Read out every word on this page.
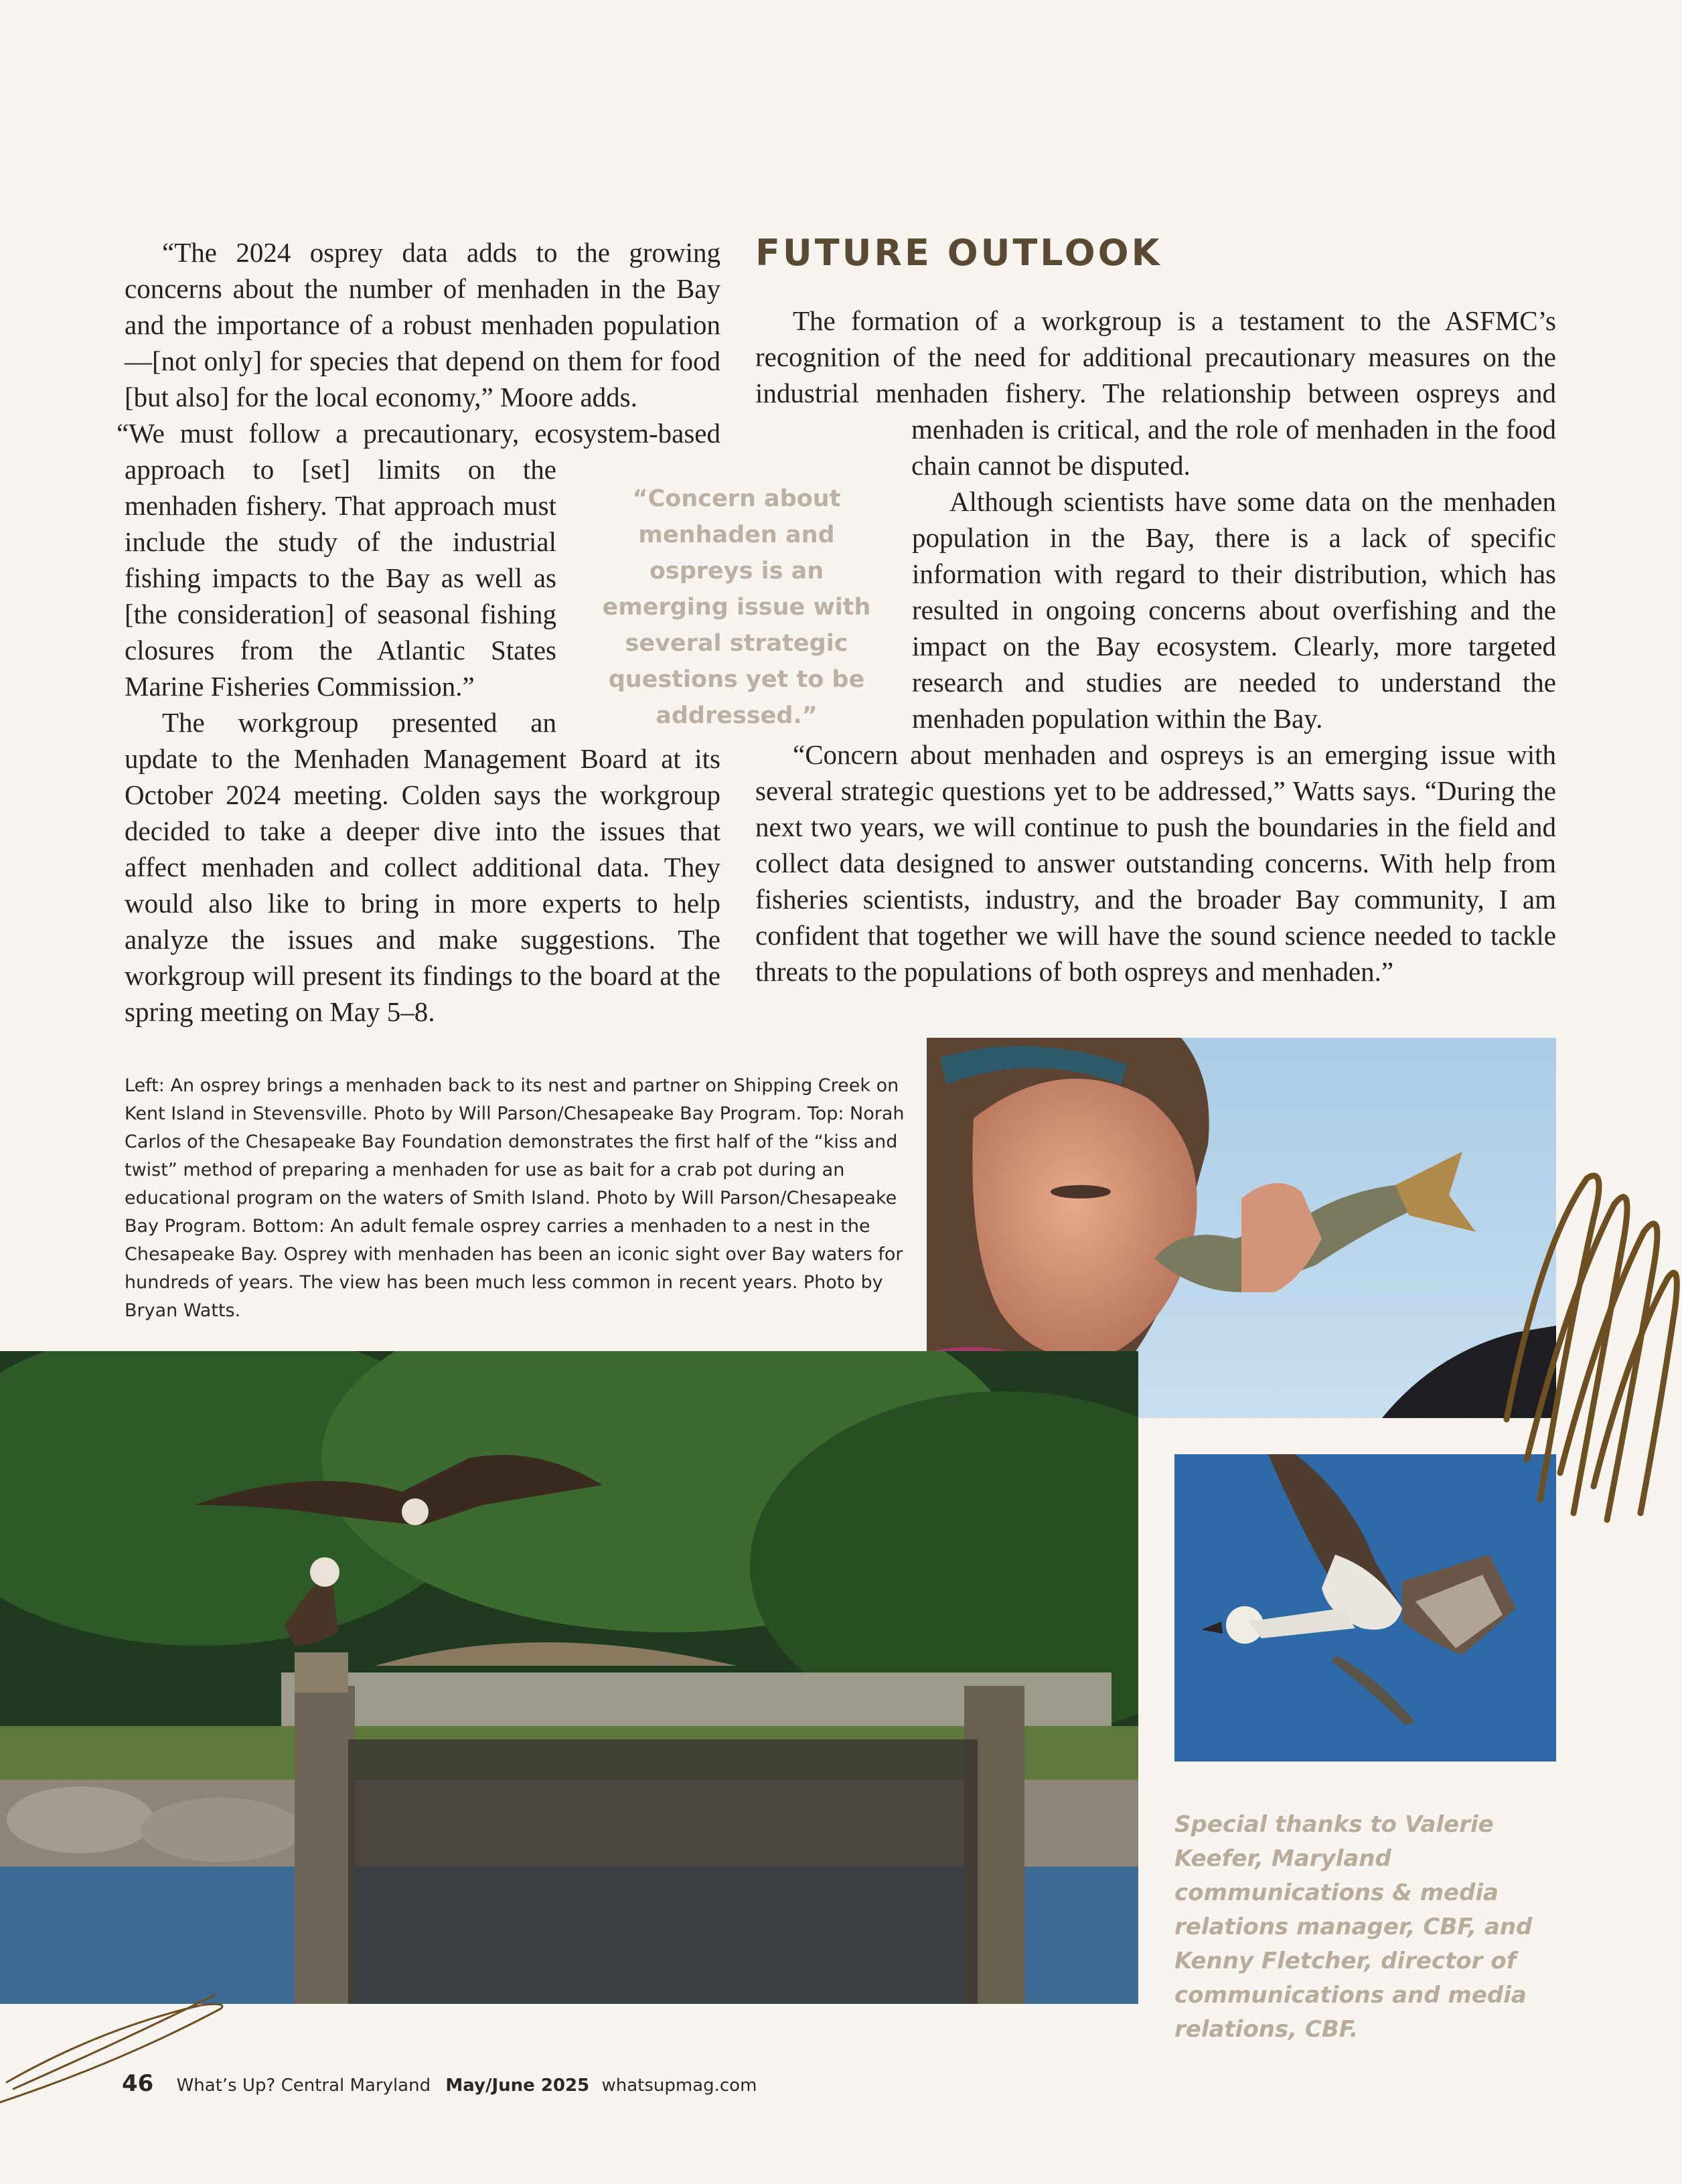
“The 2024 osprey data adds to the growing concerns about the number of menhaden in the Bay and the importance of a robust menhaden population—[not only] for species that depend on them for food [but also] for the local economy,” Moore adds.

“We must follow a precautionary, ecosystem-based approach to [set] limits on the menhaden fishery. That approach must include the study of the industrial fishing impacts to the Bay as well as [the consideration] of seasonal fishing closures from the Atlantic States Marine Fisheries Commission.”

The workgroup presented an update to the Menhaden Management Board at its October 2024 meeting. Colden says the workgroup decided to take a deeper dive into the issues that affect menhaden and collect additional data. They would also like to bring in more experts to help analyze the issues and make suggestions. The workgroup will present its findings to the board at the spring meeting on May 5–8.

“Concern about menhaden and ospreys is an emerging issue with several strategic questions yet to be addressed.”
FUTURE OUTLOOK

The formation of a workgroup is a testament to the ASFMC’s recognition of the need for additional precautionary measures on the industrial menhaden fishery. The relationship between ospreys and menhaden is critical, and the role of menhaden in the food chain cannot be disputed.

Although scientists have some data on the menhaden population in the Bay, there is a lack of specific information with regard to their distribution, which has resulted in ongoing concerns about overfishing and the impact on the Bay ecosystem. Clearly, more targeted research and studies are needed to understand the menhaden population within the Bay.

“Concern about menhaden and ospreys is an emerging issue with several strategic questions yet to be addressed,” Watts says. “During the next two years, we will continue to push the boundaries in the field and collect data designed to answer outstanding concerns. With help from fisheries scientists, industry, and the broader Bay community, I am confident that together we will have the sound science needed to tackle threats to the populations of both ospreys and menhaden.”

Left: An osprey brings a menhaden back to its nest and partner on Shipping Creek on Kent Island in Stevensville. Photo by Will Parson/Chesapeake Bay Program. Top: Norah Carlos of the Chesapeake Bay Foundation demonstrates the first half of the “kiss and twist” method of preparing a menhaden for use as bait for a crab pot during an educational program on the waters of Smith Island. Photo by Will Parson/Chesapeake Bay Program. Bottom: An adult female osprey carries a menhaden to a nest in the Chesapeake Bay. Osprey with menhaden has been an iconic sight over Bay waters for hundreds of years. The view has been much less common in recent years. Photo by Bryan Watts.
Special thanks to Valerie Keefer, Maryland communications & media relations manager, CBF, and Kenny Fletcher, director of communications and media relations, CBF.
46 What’s Up? Central Maryland May/June 2025 whatsupmag.com
